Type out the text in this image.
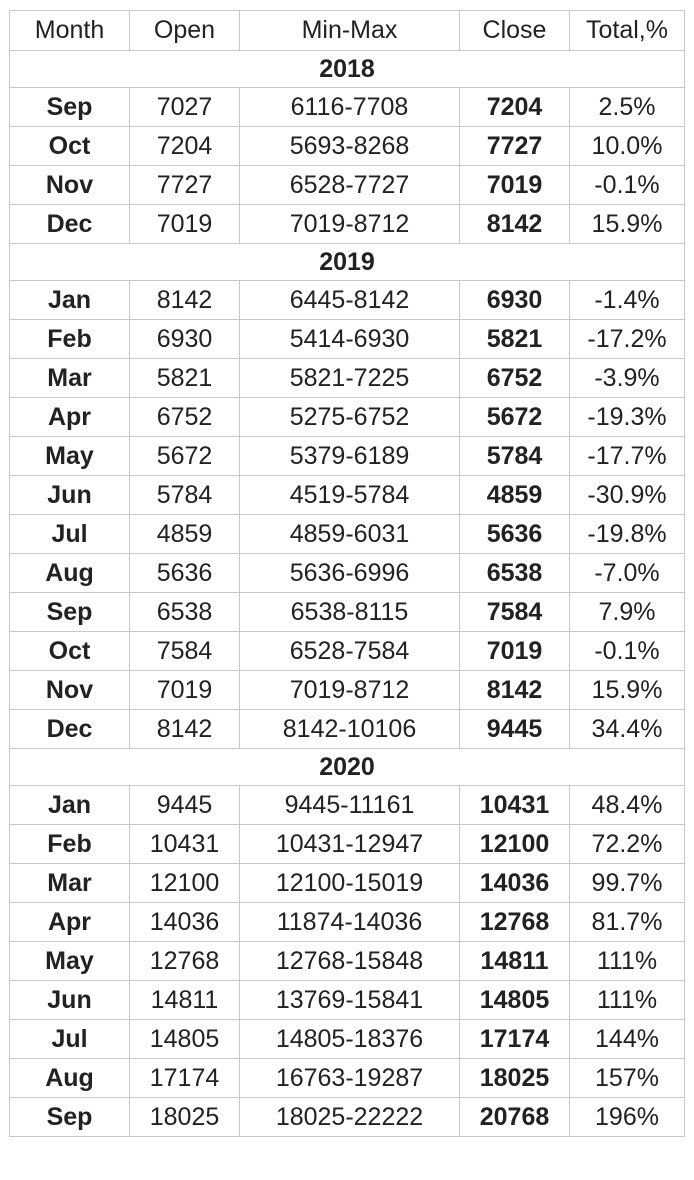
Month	Open	Min-Max	Close	Total,%
2018				
Sep	7027	6116-7708	7204	2.5%
Oct	7204	5693-8268	7727	10.0%
Nov	7727	6528-7727	7019	-0.1%
Dec	7019	7019-8712	8142	15.9%
2019				
Jan	8142	6445-8142	6930	-1.4%
Feb	6930	5414-6930	5821	-17.2%
Mar	5821	5821-7225	6752	-3.9%
Apr	6752	5275-6752	5672	-19.3%
May	5672	5379-6189	5784	-17.7%
Jun	5784	4519-5784	4859	-30.9%
Jul	4859	4859-6031	5636	-19.8%
Aug	5636	5636-6996	6538	-7.0%
Sep	6538	6538-8115	7584	7.9%
Oct	7584	6528-7584	7019	-0.1%
Nov	7019	7019-8712	8142	15.9%
Dec	8142	8142-10106	9445	34.4%
2020				
Jan	9445	9445-11161	10431	48.4%
Feb	10431	10431-12947	12100	72.2%
Mar	12100	12100-15019	14036	99.7%
Apr	14036	11874-14036	12768	81.7%
May	12768	12768-15848	14811	111%
Jun	14811	13769-15841	14805	111%
Jul	14805	14805-18376	17174	144%
Aug	17174	16763-19287	18025	157%
Sep	18025	18025-22222	20768	196%
